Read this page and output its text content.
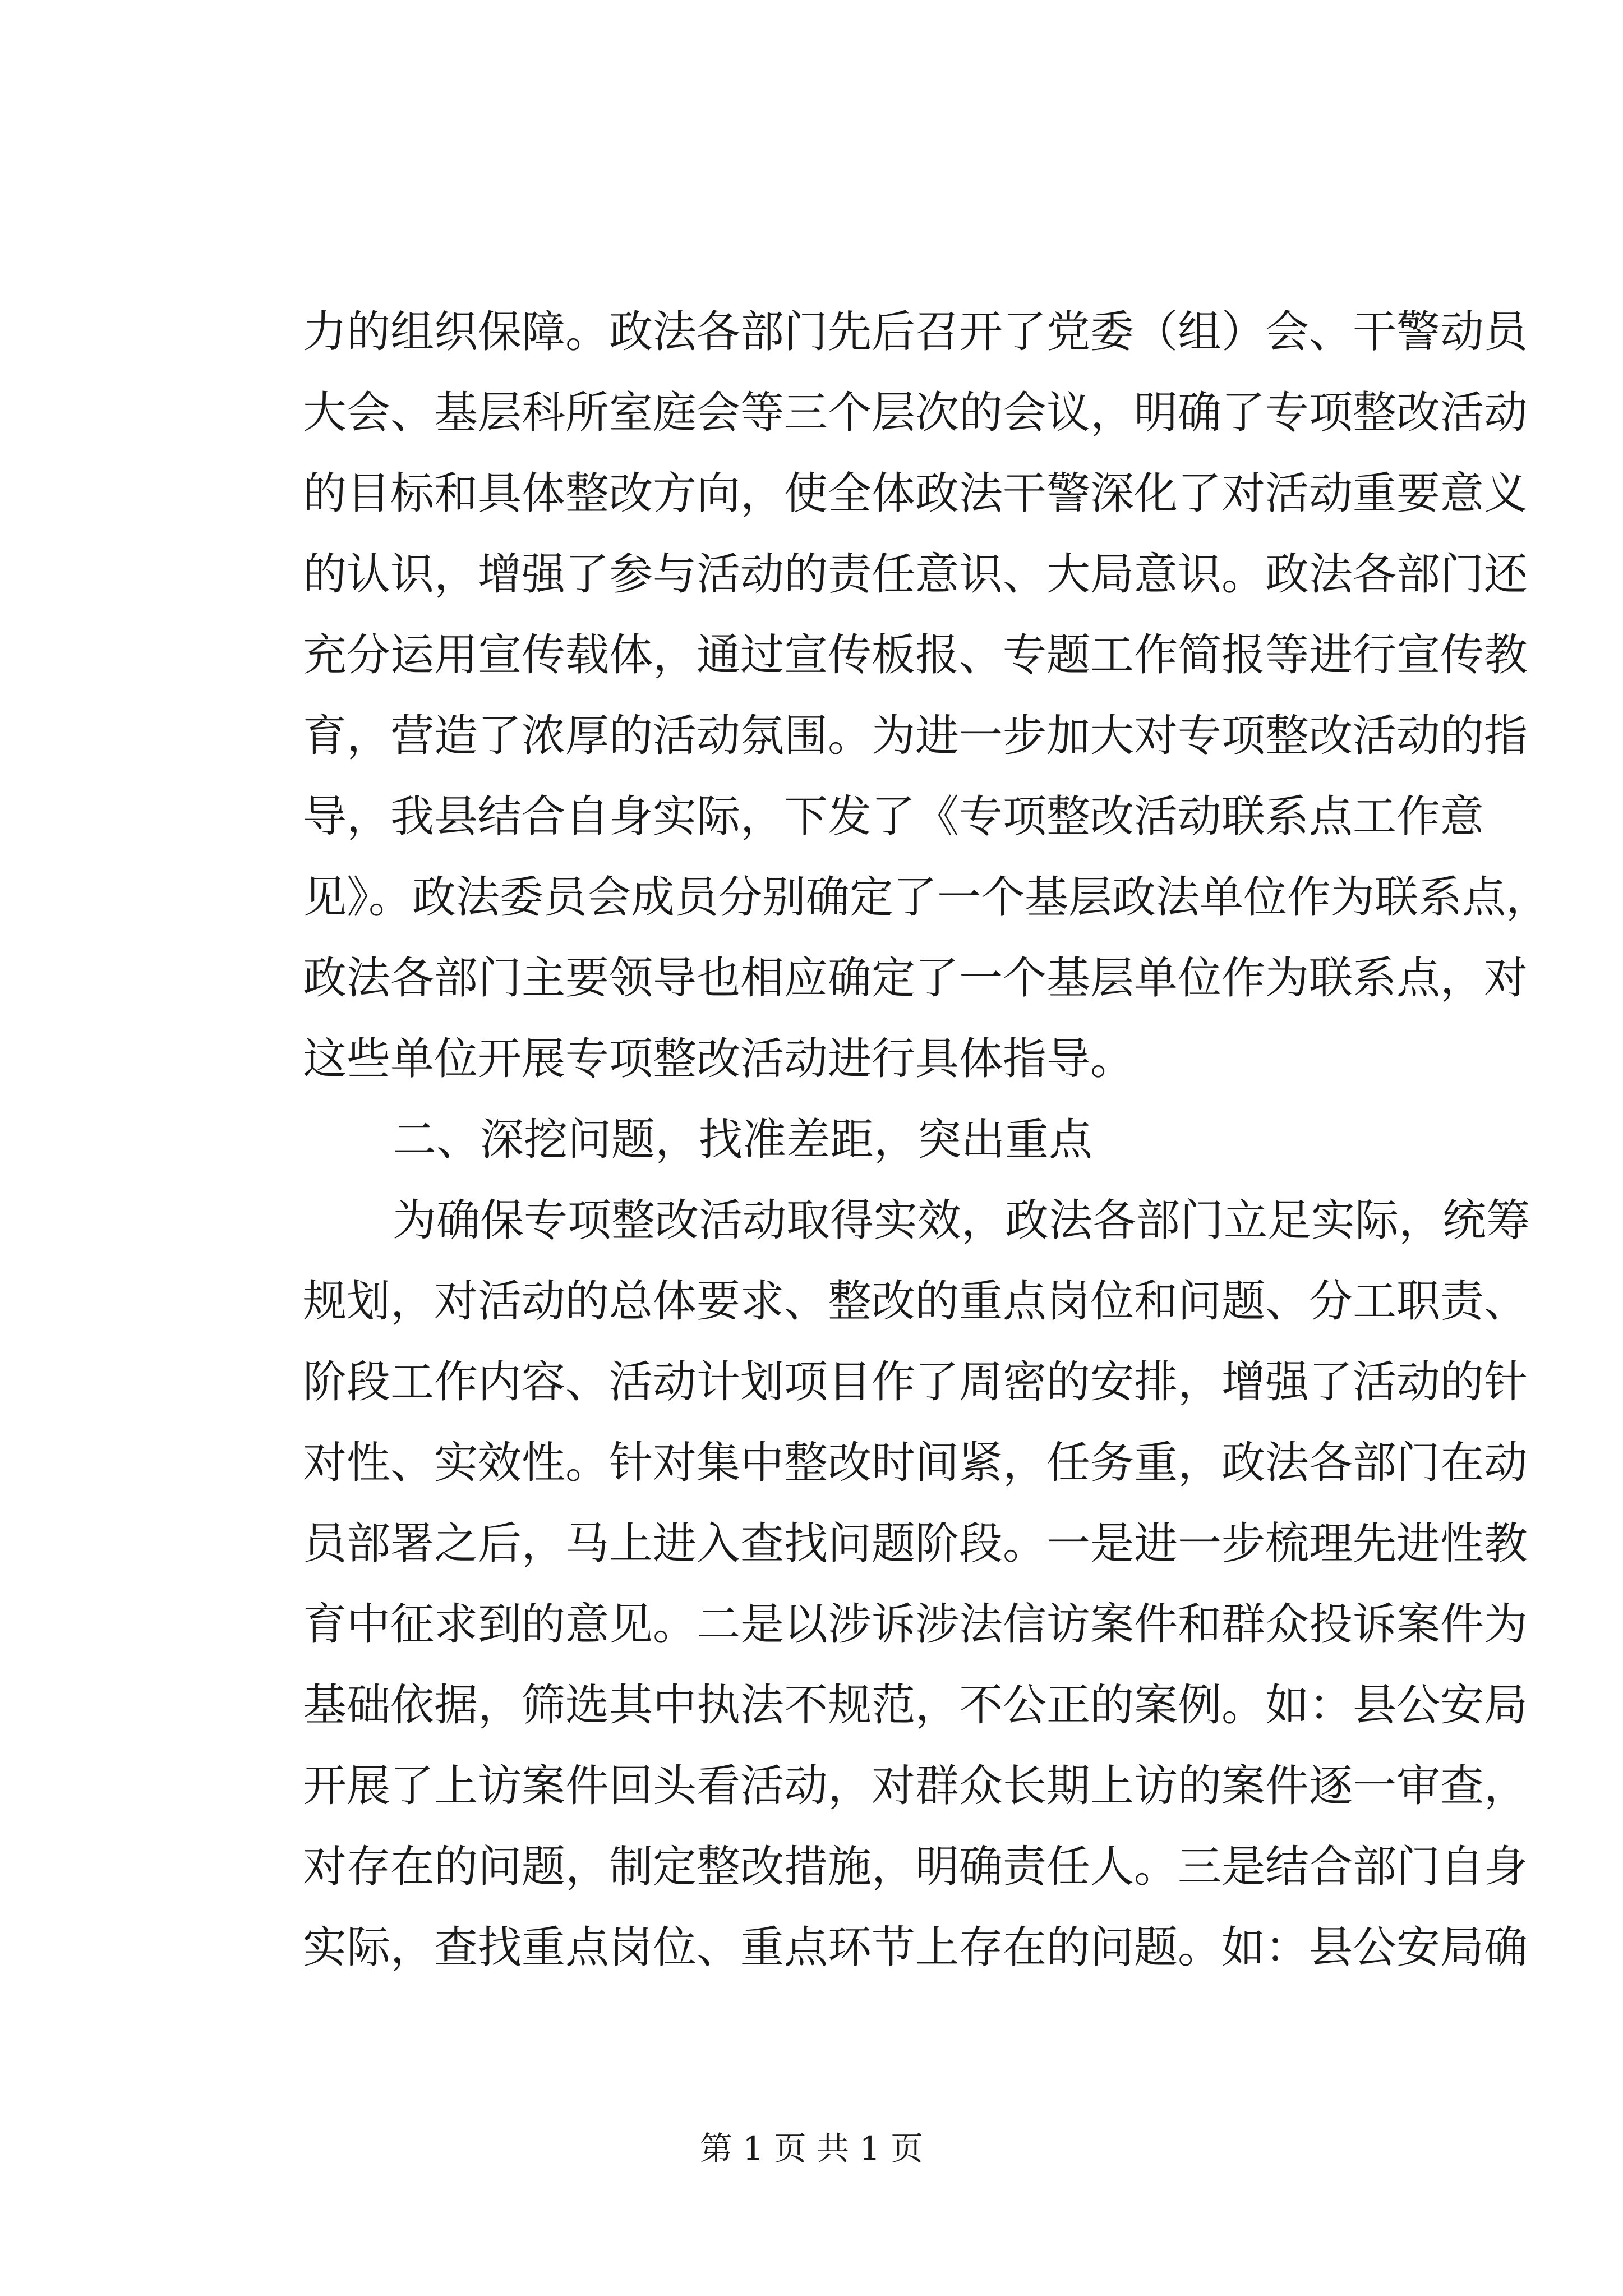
力的组织保障。政法各部门先后召开了党委（组）会、干警动员
大会、基层科所室庭会等三个层次的会议，明确了专项整改活动
的目标和具体整改方向，使全体政法干警深化了对活动重要意义
的认识，增强了参与活动的责任意识、大局意识。政法各部门还
充分运用宣传载体，通过宣传板报、专题工作简报等进行宣传教
育，营造了浓厚的活动氛围。为进一步加大对专项整改活动的指
导，我县结合自身实际，下发了《专项整改活动联系点工作意
见》。政法委员会成员分别确定了一个基层政法单位作为联系点，
政法各部门主要领导也相应确定了一个基层单位作为联系点，对
这些单位开展专项整改活动进行具体指导。
二、深挖问题，找准差距，突出重点
为确保专项整改活动取得实效，政法各部门立足实际，统筹
规划，对活动的总体要求、整改的重点岗位和问题、分工职责、
阶段工作内容、活动计划项目作了周密的安排，增强了活动的针
对性、实效性。针对集中整改时间紧，任务重，政法各部门在动
员部署之后，马上进入查找问题阶段。一是进一步梳理先进性教
育中征求到的意见。二是以涉诉涉法信访案件和群众投诉案件为
基础依据，筛选其中执法不规范，不公正的案例。如：县公安局
开展了上访案件回头看活动，对群众长期上访的案件逐一审查，
对存在的问题，制定整改措施，明确责任人。三是结合部门自身
实际，查找重点岗位、重点环节上存在的问题。如：县公安局确
第 1 页 共 1 页
